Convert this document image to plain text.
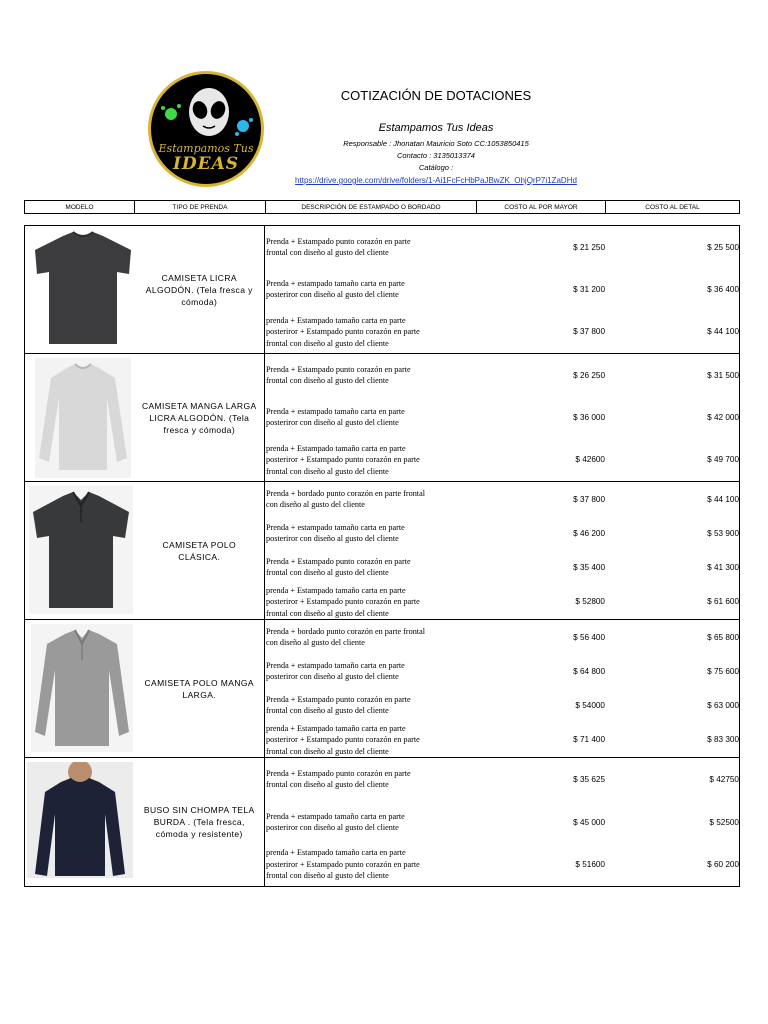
Estampamos Tus
IDEAS
COTIZACIÓN DE DOTACIONES
Estampamos Tus Ideas
Responsable : Jhonatan Mauricio Soto CC:1053850415
Contacto : 3135013374
Catálogo :
https://drive.google.com/drive/folders/1-Ai1FcFcHbPaJBwZK_OhjQrP7i1ZaDHd
MODELO	TIPO DE PRENDA	DESCRIPCIÓN DE ESTAMPADO O BORDADO	COSTO AL POR MAYOR	COSTO AL DETAL
CAMISETA LICRA ALGODÓN. (Tela fresca y cómoda)
Prenda + Estampado punto corazón en parte
frontal con diseño al gusto del cliente
$ 21 250	$ 25 500
Prenda + estampado tamaño carta en parte
posteriror con diseño al gusto del cliente
$ 31 200	$ 36 400
prenda + Estampado tamaño carta en parte
posteriror + Estampado punto corazón en parte
frontal con diseño al gusto del cliente
$ 37 800	$ 44 100
CAMISETA MANGA LARGA LICRA ALGODÓN. (Tela fresca y cómoda)
Prenda + Estampado punto corazón en parte
frontal con diseño al gusto del cliente
$ 26 250	$ 31 500
Prenda + estampado tamaño carta en parte
posteriror con diseño al gusto del cliente
$ 36 000	$ 42 000
prenda + Estampado tamaño carta en parte
posteriror + Estampado punto corazón en parte
frontal con diseño al gusto del cliente
$ 42600	$ 49 700
CAMISETA POLO CLÁSICA.
Prenda + bordado punto corazón en parte frontal
con diseño al gusto del cliente
$ 37 800	$ 44 100
Prenda + estampado tamaño carta en parte
posteriror con diseño al gusto del cliente
$ 46 200	$ 53 900
Prenda + Estampado punto corazón en parte
frontal con diseño al gusto del cliente
$ 35 400	$ 41 300
prenda + Estampado tamaño carta en parte
posteriror + Estampado punto corazón en parte
frontal con diseño al gusto del cliente
$ 52800	$ 61 600
CAMISETA POLO MANGA LARGA.
Prenda + bordado punto corazón en parte frontal
con diseño al gusto del cliente
$ 56 400	$ 65 800
Prenda + estampado tamaño carta en parte
posteriror con diseño al gusto del cliente
$ 64 800	$ 75 600
Prenda + Estampado punto corazón en parte
frontal con diseño al gusto del cliente
$ 54000	$ 63 000
prenda + Estampado tamaño carta en parte
posteriror + Estampado punto corazón en parte
frontal con diseño al gusto del cliente
$ 71 400	$ 83 300
BUSO SIN CHOMPA TELA BURDA . (Tela fresca, cómoda y resistente)
Prenda + Estampado punto corazón en parte
frontal con diseño al gusto del cliente
$ 35 625	$ 42750
Prenda + estampado tamaño carta en parte
posteriror con diseño al gusto del cliente
$ 45 000	$ 52500
prenda + Estampado tamaño carta en parte
posteriror + Estampado punto corazón en parte
frontal con diseño al gusto del cliente
$ 51600	$ 60 200
